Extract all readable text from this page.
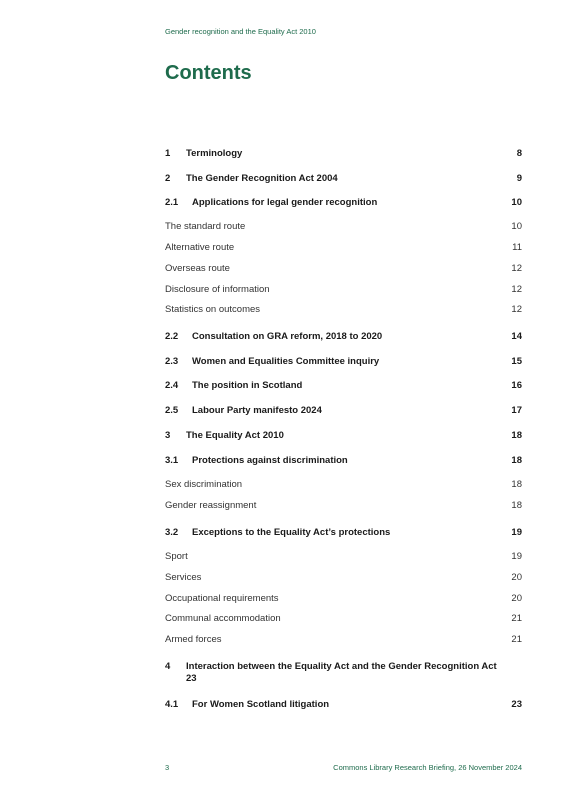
Gender recognition and the Equality Act 2010
Contents
1 Terminology	8
2 The Gender Recognition Act 2004	9
2.1 Applications for legal gender recognition	10
The standard route	10
Alternative route	11
Overseas route	12
Disclosure of information	12
Statistics on outcomes	12
2.2 Consultation on GRA reform, 2018 to 2020	14
2.3 Women and Equalities Committee inquiry	15
2.4 The position in Scotland	16
2.5 Labour Party manifesto 2024	17
3 The Equality Act 2010	18
3.1 Protections against discrimination	18
Sex discrimination	18
Gender reassignment	18
3.2 Exceptions to the Equality Act’s protections	19
Sport	19
Services	20
Occupational requirements	20
Communal accommodation	21
Armed forces	21
4 Interaction between the Equality Act and the Gender Recognition Act 23
4.1 For Women Scotland litigation	23
3	Commons Library Research Briefing, 26 November 2024
